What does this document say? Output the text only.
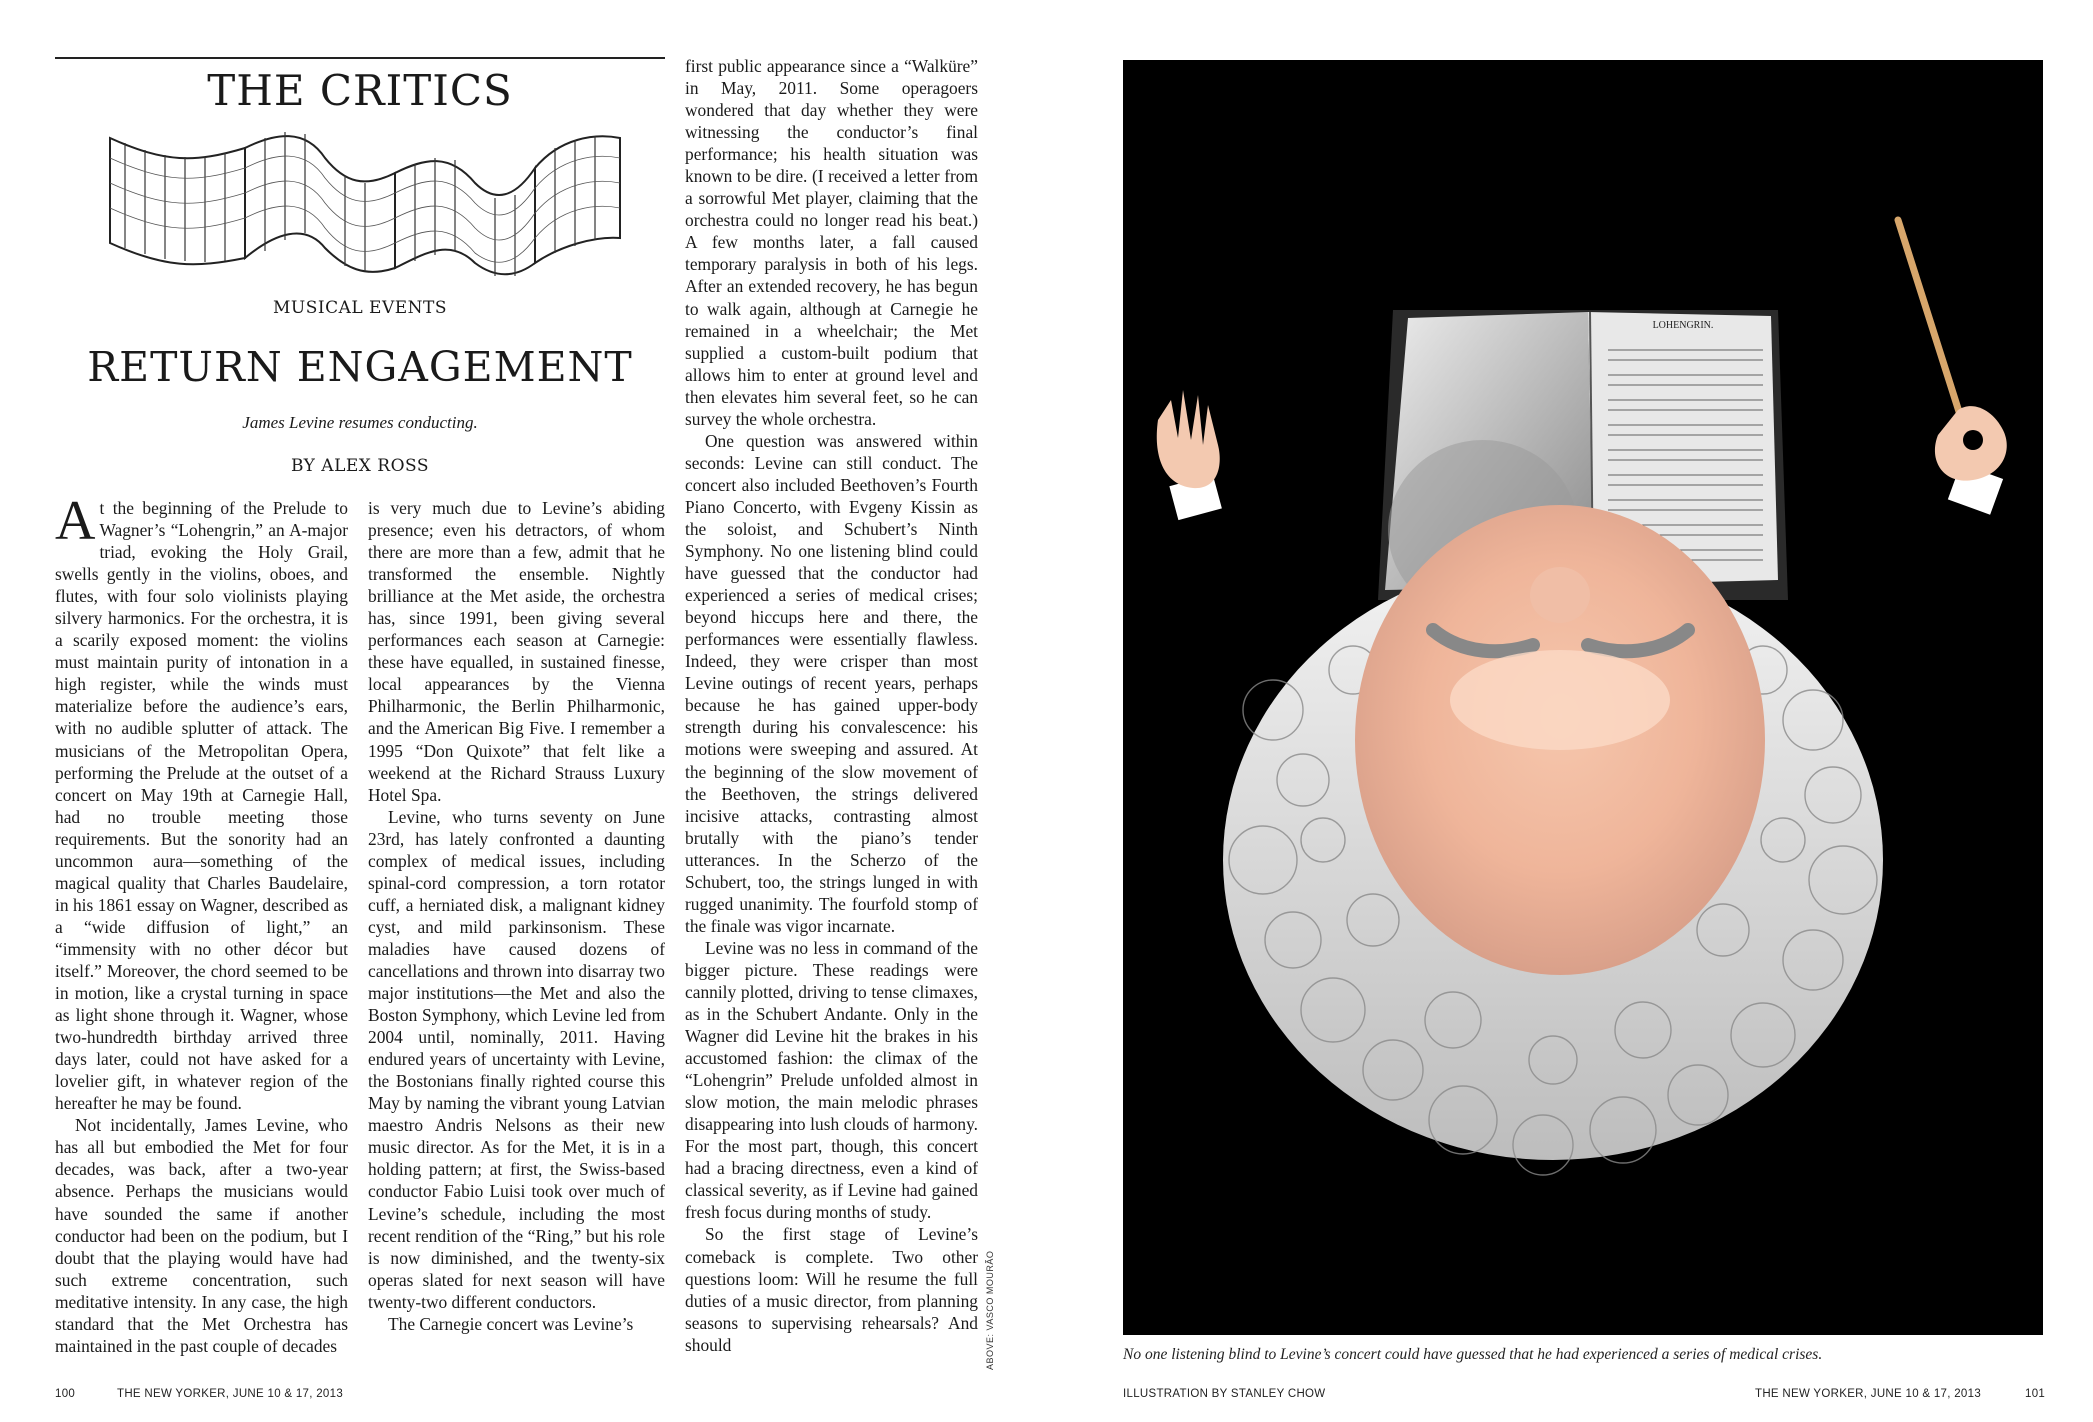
THE CRITICS
MUSICAL EVENTS
RETURN ENGAGEMENT
James Levine resumes conducting.
BY ALEX ROSS

At the beginning of the Prelude to Wagner’s “Lohengrin,” an A-major triad, evoking the Holy Grail, swells gently in the violins, oboes, and flutes, with four solo violinists playing silvery harmonics. For the orchestra, it is a scarily exposed moment: the violins must maintain purity of intonation in a high register, while the winds must materialize before the audience’s ears, with no audible splutter of attack. The musicians of the Metropolitan Opera, performing the Prelude at the outset of a concert on May 19th at Carnegie Hall, had no trouble meeting those requirements. But the sonority had an uncommon aura—something of the magical quality that Charles Baudelaire, in his 1861 essay on Wagner, described as a “wide diffusion of light,” an “immensity with no other décor but itself.” Moreover, the chord seemed to be in motion, like a crystal turning in space as light shone through it. Wagner, whose two-hundredth birthday arrived three days later, could not have asked for a lovelier gift, in whatever region of the hereafter he may be found.

Not incidentally, James Levine, who has all but embodied the Met for four decades, was back, after a two-year absence. Perhaps the musicians would have sounded the same if another conductor had been on the podium, but I doubt that the playing would have had such extreme concentration, such meditative intensity. In any case, the high standard that the Met Orchestra has maintained in the past couple of decades

is very much due to Levine’s abiding presence; even his detractors, of whom there are more than a few, admit that he transformed the ensemble. Nightly brilliance at the Met aside, the orchestra has, since 1991, been giving several performances each season at Carnegie: these have equalled, in sustained finesse, local appearances by the Vienna Philharmonic, the Berlin Philharmonic, and the American Big Five. I remember a 1995 “Don Quixote” that felt like a weekend at the Richard Strauss Luxury Hotel Spa.

Levine, who turns seventy on June 23rd, has lately confronted a daunting complex of medical issues, including spinal-cord compression, a torn rotator cuff, a herniated disk, a malignant kidney cyst, and mild parkinsonism. These maladies have caused dozens of cancellations and thrown into disarray two major institutions—the Met and also the Boston Symphony, which Levine led from 2004 until, nominally, 2011. Having endured years of uncertainty with Levine, the Bostonians finally righted course this May by naming the vibrant young Latvian maestro Andris Nelsons as their new music director. As for the Met, it is in a holding pattern; at first, the Swiss-based conductor Fabio Luisi took over much of Levine’s schedule, including the most recent rendition of the “Ring,” but his role is now diminished, and the twenty-six operas slated for next season will have twenty-two different conductors.

The Carnegie concert was Levine’s

first public appearance since a “Walküre” in May, 2011. Some operagoers wondered that day whether they were witnessing the conductor’s final performance; his health situation was known to be dire. (I received a letter from a sorrowful Met player, claiming that the orchestra could no longer read his beat.) A few months later, a fall caused temporary paralysis in both of his legs. After an extended recovery, he has begun to walk again, although at Carnegie he remained in a wheelchair; the Met supplied a custom-built podium that allows him to enter at ground level and then elevates him several feet, so he can survey the whole orchestra.

One question was answered within seconds: Levine can still conduct. The concert also included Beethoven’s Fourth Piano Concerto, with Evgeny Kissin as the soloist, and Schubert’s Ninth Symphony. No one listening blind could have guessed that the conductor had experienced a series of medical crises; beyond hiccups here and there, the performances were essentially flawless. Indeed, they were crisper than most Levine outings of recent years, perhaps because he has gained upper-body strength during his convalescence: his motions were sweeping and assured. At the beginning of the slow movement of the Beethoven, the strings delivered incisive attacks, contrasting almost brutally with the piano’s tender utterances. In the Scherzo of the Schubert, too, the strings lunged in with rugged unanimity. The fourfold stomp of the finale was vigor incarnate.

Levine was no less in command of the bigger picture. These readings were cannily plotted, driving to tense climaxes, as in the Schubert Andante. Only in the Wagner did Levine hit the brakes in his accustomed fashion: the climax of the “Lohengrin” Prelude unfolded almost in slow motion, the main melodic phrases disappearing into lush clouds of harmony. For the most part, though, this concert had a bracing directness, even a kind of classical severity, as if Levine had gained fresh focus during months of study.

So the first stage of Levine’s comeback is complete. Two other questions loom: Will he resume the full duties of a music director, from planning seasons to supervising rehearsals? And should	ABOVE: VASCO MOURÃO
100	THE NEW YORKER, JUNE 10 & 17, 2013
LOHENGRIN.
No one listening blind to Levine’s concert could have guessed that he had experienced a series of medical crises.
ILLUSTRATION BY STANLEY CHOW	THE NEW YORKER, JUNE 10 & 17, 2013	101
